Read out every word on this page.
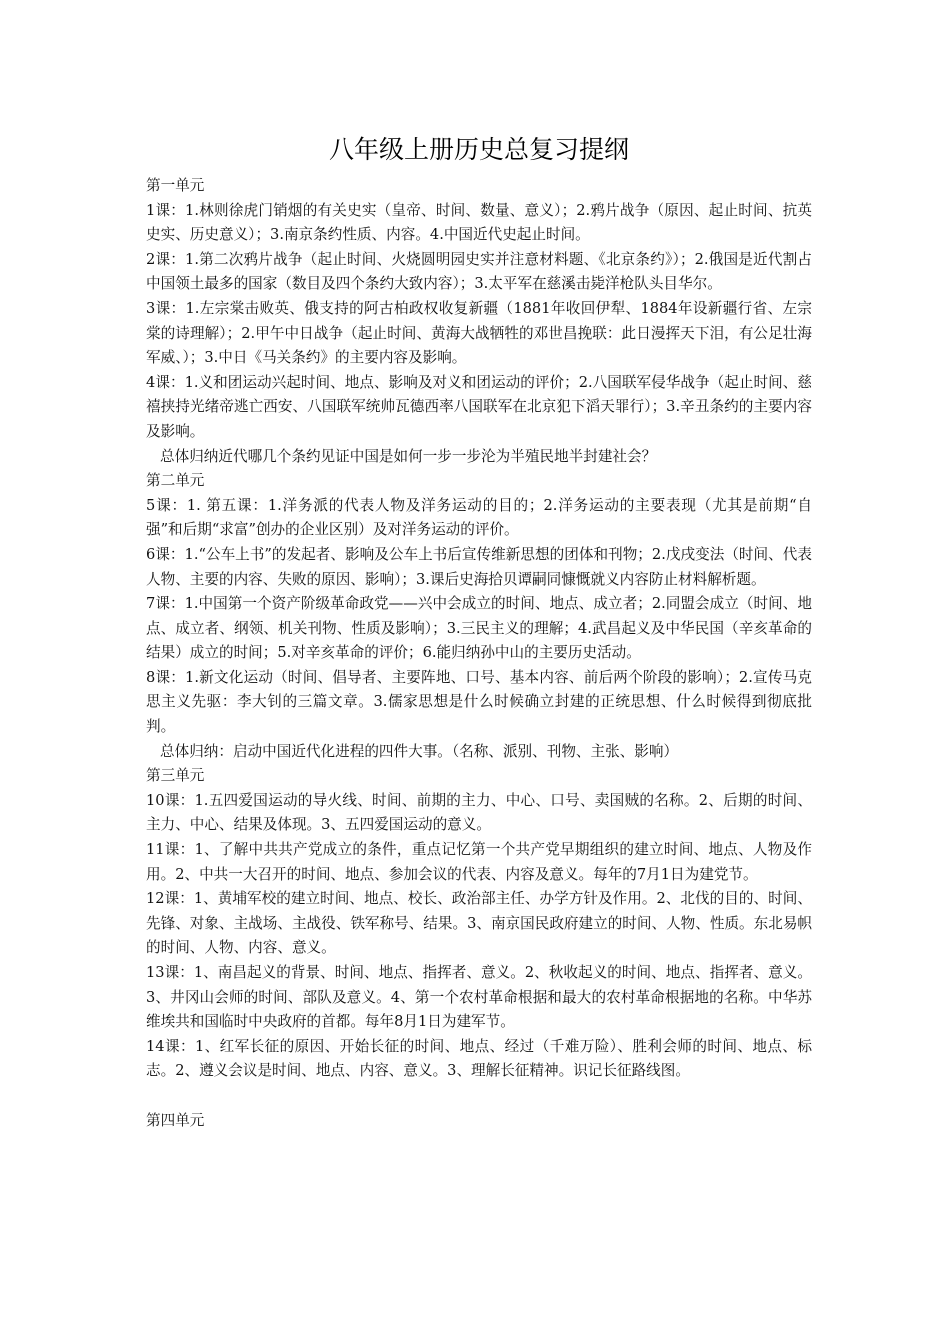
八年级上册历史总复习提纲

第一单元

1课：1.林则徐虎门销烟的有关史实（皇帝、时间、数量、意义）；2.鸦片战争（原因、起止时间、抗英史实、历史意义）；3.南京条约性质、内容。4.中国近代史起止时间。

2课：1.第二次鸦片战争（起止时间、火烧圆明园史实并注意材料题、《北京条约》）；2.俄国是近代割占中国领土最多的国家（数目及四个条约大致内容）；3.太平军在慈溪击毙洋枪队头目华尔。

3课：1.左宗棠击败英、俄支持的阿古柏政权收复新疆（1881年收回伊犁、1884年设新疆行省、左宗棠的诗理解）；2.甲午中日战争（起止时间、黄海大战牺牲的邓世昌挽联：此日漫挥天下泪，有公足壮海军威、）；3.中日《马关条约》的主要内容及影响。

4课：1.义和团运动兴起时间、地点、影响及对义和团运动的评价；2.八国联军侵华战争（起止时间、慈禧挟持光绪帝逃亡西安、八国联军统帅瓦德西率八国联军在北京犯下滔天罪行）；3.辛丑条约的主要内容及影响。

总体归纳近代哪几个条约见证中国是如何一步一步沦为半殖民地半封建社会？

第二单元

5课：1. 第五课：1.洋务派的代表人物及洋务运动的目的；2.洋务运动的主要表现（尤其是前期“自强”和后期“求富”创办的企业区别）及对洋务运动的评价。

6课：1.“公车上书”的发起者、影响及公车上书后宣传维新思想的团体和刊物；2.戊戌变法（时间、代表人物、主要的内容、失败的原因、影响）；3.课后史海拾贝谭嗣同慷慨就义内容防止材料解析题。

7课：1.中国第一个资产阶级革命政党——兴中会成立的时间、地点、成立者；2.同盟会成立（时间、地点、成立者、纲领、机关刊物、性质及影响）；3.三民主义的理解；4.武昌起义及中华民国（辛亥革命的结果）成立的时间；5.对辛亥革命的评价；6.能归纳孙中山的主要历史活动。

8课：1.新文化运动（时间、倡导者、主要阵地、口号、基本内容、前后两个阶段的影响）；2.宣传马克思主义先驱：李大钊的三篇文章。3.儒家思想是什么时候确立封建的正统思想、什么时候得到彻底批判。

总体归纳：启动中国近代化进程的四件大事。（名称、派别、刊物、主张、影响）

第三单元

10课：1.五四爱国运动的导火线、时间、前期的主力、中心、口号、卖国贼的名称。2、后期的时间、主力、中心、结果及体现。3、五四爱国运动的意义。

11课：1、了解中共共产党成立的条件，重点记忆第一个共产党早期组织的建立时间、地点、人物及作用。2、中共一大召开的时间、地点、参加会议的代表、内容及意义。每年的7月1日为建党节。

12课：1、黄埔军校的建立时间、地点、校长、政治部主任、办学方针及作用。2、北伐的目的、时间、先锋、对象、主战场、主战役、铁军称号、结果。3、南京国民政府建立的时间、人物、性质。东北易帜的时间、人物、内容、意义。

13课：1、南昌起义的背景、时间、地点、指挥者、意义。2、秋收起义的时间、地点、指挥者、意义。3、井冈山会师的时间、部队及意义。4、第一个农村革命根据和最大的农村革命根据地的名称。中华苏维埃共和国临时中央政府的首都。每年8月1日为建军节。

14课：1、红军长征的原因、开始长征的时间、地点、经过（千难万险）、胜利会师的时间、地点、标志。2、遵义会议是时间、地点、内容、意义。3、理解长征精神。识记长征路线图。

第四单元
